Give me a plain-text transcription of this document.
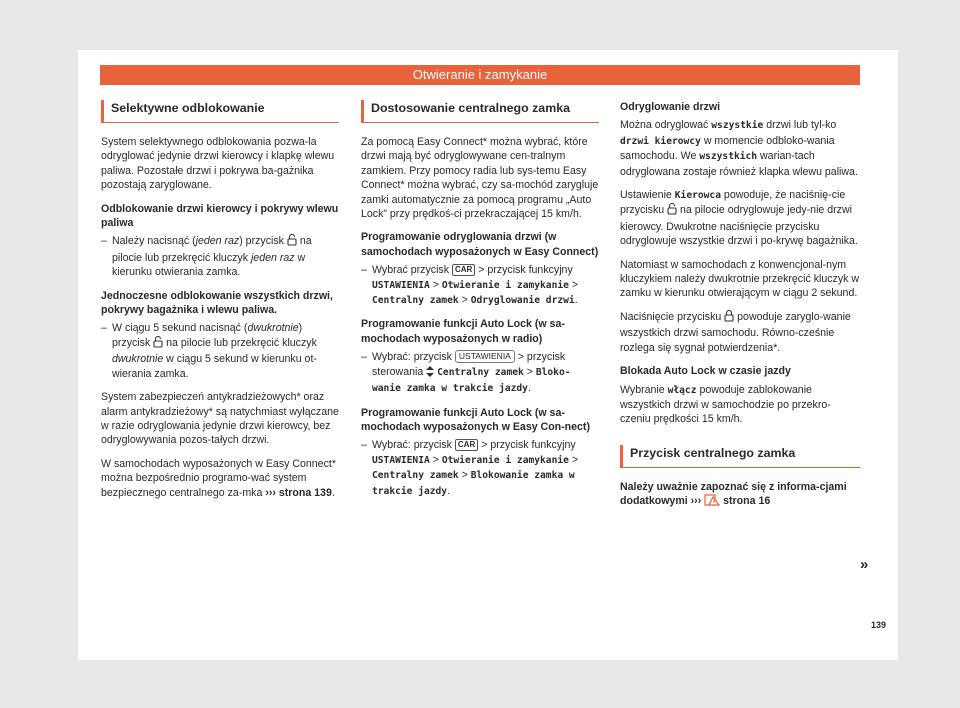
Otwieranie i zamykanie
Selektywne odblokowanie

System selektywnego odblokowania pozwa-la odryglować jedynie drzwi kierowcy i klapkę wlewu paliwa. Pozostałe drzwi i pokrywa ba-gażnika pozostają zaryglowane.

Odblokowanie drzwi kierowcy i pokrywy wlewu paliwa

– Należy nacisnąć (jeden raz) przycisk  na pilocie lub przekręcić kluczyk jeden raz w kierunku otwierania zamka.

Jednoczesne odblokowanie wszystkich drzwi, pokrywy bagażnika i wlewu paliwa.

– W ciągu 5 sekund nacisnąć (dwukrotnie) przycisk  na pilocie lub przekręcić kluczyk dwukrotnie w ciągu 5 sekund w kierunku ot-wierania zamka.

System zabezpieczeń antykradzieżowych* oraz alarm antykradzieżowy* są natychmiast wyłączane w razie odryglowania jedynie drzwi kierowcy, bez odryglowywania pozos-tałych drzwi.

W samochodach wyposażonych w Easy Connect* można bezpośrednio programo-wać system bezpiecznego centralnego za-mka ››› strona 139.

Dostosowanie centralnego zamka

Za pomocą Easy Connect* można wybrać, które drzwi mają być odryglowywane cen-tralnym zamkiem. Przy pomocy radia lub sys-temu Easy Connect* można wybrać, czy sa-mochód zarygluje zamki automatycznie za pomocą programu „Auto Lock” przy prędkoś-ci przekraczającej 15 km/h.

Programowanie odryglowania drzwi (w samochodach wyposażonych w Easy Connect)

– Wybrać przycisk CAR > przycisk funkcyjny USTAWIENIA > Otwieranie i zamykanie > Centralny zamek > Odryglowanie drzwi.

Programowanie funkcji Auto Lock (w sa-mochodach wyposażonych w radio)

– Wybrać: przycisk USTAWIENIA > przycisk sterowania  Centralny zamek > Bloko-wanie zamka w trakcie jazdy.

Programowanie funkcji Auto Lock (w sa-mochodach wyposażonych w Easy Con-nect)

– Wybrać: przycisk CAR > przycisk funkcyjny USTAWIENIA > Otwieranie i zamykanie > Centralny zamek > Blokowanie zamka w trakcie jazdy.

Odryglowanie drzwi

Można odryglować wszystkie drzwi lub tyl-ko drzwi kierowcy w momencie odbloko-wania samochodu. We wszystkich warian-tach odryglowana zostaje również klapka wlewu paliwa.

Ustawienie Kierowca powoduje, że naciśnię-cie przycisku  na pilocie odryglowuje jedy-nie drzwi kierowcy. Dwukrotne naciśnięcie przycisku odryglowuje wszystkie drzwi i po-krywę bagażnika.

Natomiast w samochodach z konwencjonal-nym kluczykiem należy dwukrotnie przekręcić kluczyk w zamku w kierunku otwierającym w ciągu 2 sekund.

Naciśnięcie przycisku  powoduje zaryglo-wanie wszystkich drzwi samochodu. Równo-cześnie rozlega się sygnał potwierdzenia*.

Blokada Auto Lock w czasie jazdy

Wybranie włącz powoduje zablokowanie wszystkich drzwi w samochodzie po przekro-czeniu prędkości 15 km/h.

Przycisk centralnego zamka

Należy uważnie zapoznać się z informa-cjami dodatkowymi ›››  strona 16

»
139
